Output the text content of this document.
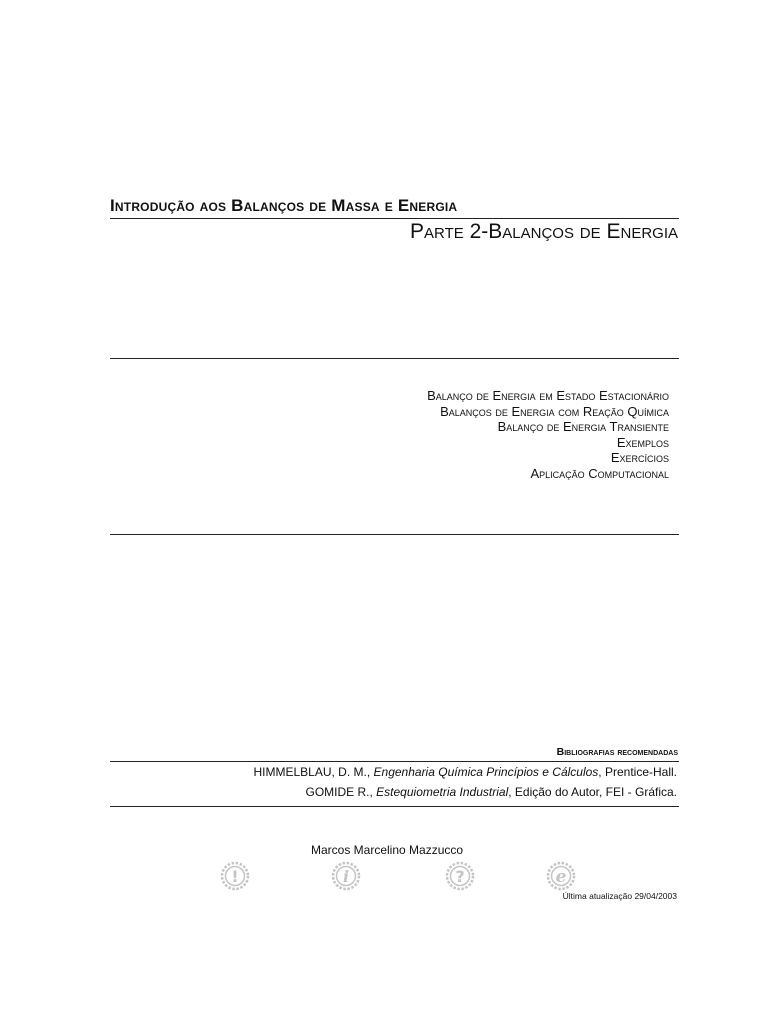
Introdução aos Balanços de Massa e Energia
Parte 2-Balanços de Energia
Balanço de Energia em Estado Estacionário
Balanços de Energia com Reação Química
Balanço de Energia Transiente
Exemplos
Exercícios
Aplicação Computacional
Bibliografias recomendadas
HIMMELBLAU, D. M., Engenharia Química Princípios e Cálculos, Prentice-Hall.
GOMIDE R., Estequiometria Industrial, Edição do Autor, FEI - Gráfica.
Marcos Marcelino Mazzucco
!	i	?	e
Última atualização 29/04/2003
